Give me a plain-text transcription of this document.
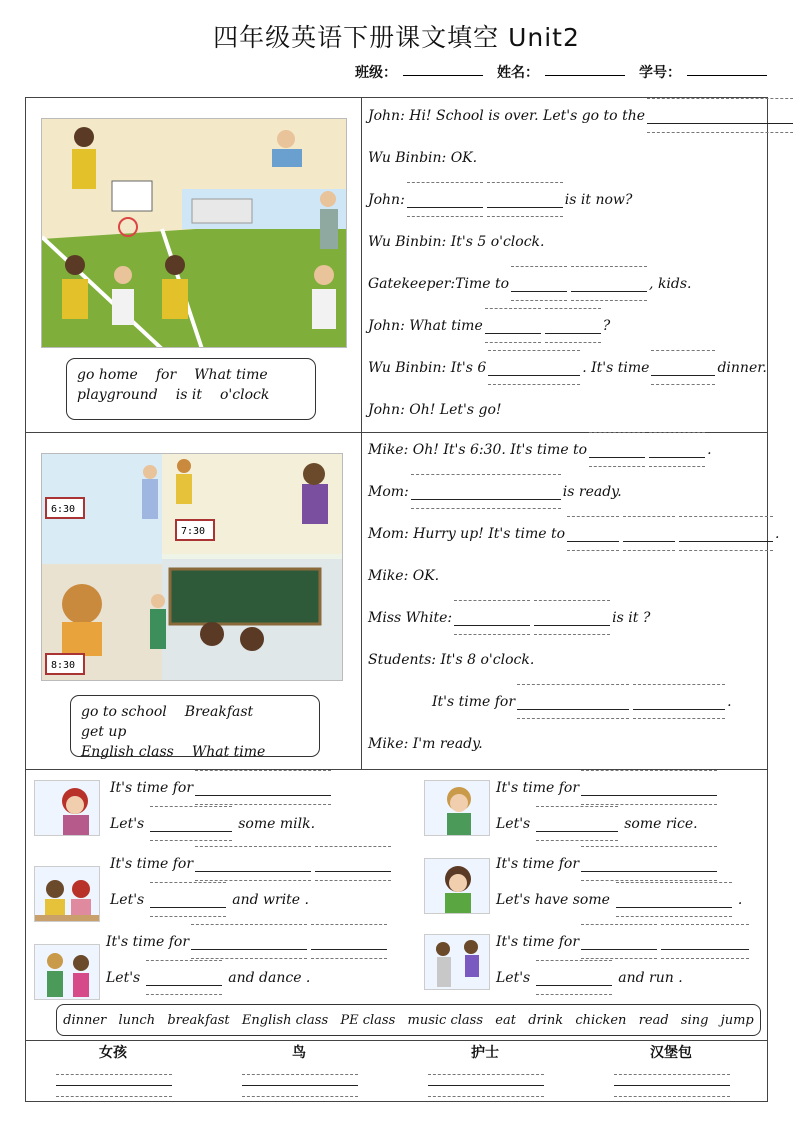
四年级英语下册课文填空 Unit2
班级：	姓名：	学号：
go home for What time
playground is it o'clock
John: Hi! School is over. Let's go to the
Wu Binbin: OK.
John:	is it now?
Wu Binbin: It's 5 o'clock.
Gatekeeper:Time to	, kids.
John: What time	?
Wu Binbin: It's 6	. It's time	dinner.
John: Oh! Let's go!
6:30
7:30
8:30
go to school Breakfastget up
English class What time
Mike: Oh! It's 6:30. It's time to	.
Mom:	is ready.
Mom: Hurry up! It's time to	.
Mike: OK.
Miss White:	is it ?
Students: It's 8 o'clock.
It's time for	.
Mike: I'm ready.
It's time for
Let's	some milk.
It's time for
Let's	some rice.
It's time for
Let's	and write .
It's time for
Let's have some	.
It's time for
Let's	and dance .
It's time for
Let's	and run .
dinner lunch breakfast English class PE class music class eat drink chicken read sing jump
女孩	鸟	护士	汉堡包
